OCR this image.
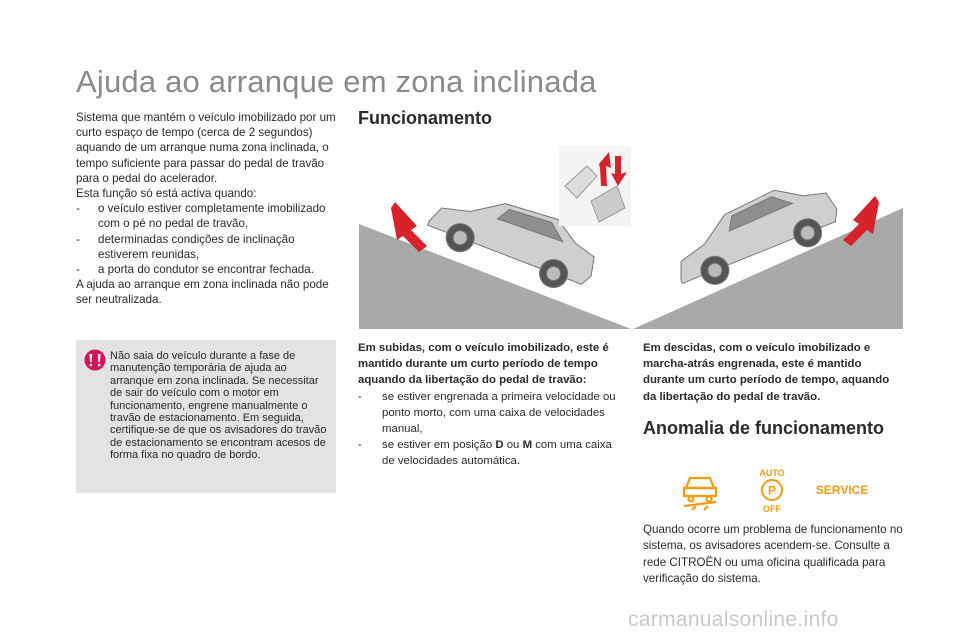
Ajuda ao arranque em zona inclinada

Sistema que mantém o veículo imobilizado por um curto espaço de tempo (cerca de 2 segundos) aquando de um arranque numa zona inclinada, o tempo suficiente para passar do pedal de travão para o pedal do acelerador.

Esta função só está activa quando:

-	o veículo estiver completamente imobilizado com o pé no pedal de travão,
-	determinadas condições de inclinação estiverem reunidas,
-	a porta do condutor se encontrar fechada.

A ajuda ao arranque em zona inclinada não pode ser neutralizada.

Não saia do veículo durante a fase de manutenção temporária de ajuda ao arranque em zona inclinada. Se necessitar de sair do veículo com o motor em funcionamento, engrene manualmente o travão de estacionamento. Em seguida, certifique-se de que os avisadores do travão de estacionamento se encontram acesos de forma fixa no quadro de bordo.
Funcionamento

Em subidas, com o veículo imobilizado, este é mantido durante um curto período de tempo aquando da libertação do pedal de travão:

-	se estiver engrenada a primeira velocidade ou ponto morto, com uma caixa de velocidades manual,
-	se estiver em posição D ou M com uma caixa de velocidades automática.
Em descidas, com o veículo imobilizado e marcha-atrás engrenada, este é mantido durante um curto período de tempo, aquando da libertação do pedal de travão.
Anomalia de funcionamento
AUTO
P
OFF
SERVICE
Quando ocorre um problema de funcionamento no sistema, os avisadores acendem-se. Consulte a rede CITROËN ou uma oficina qualificada para verificação do sistema.
carmanualsonline.info
